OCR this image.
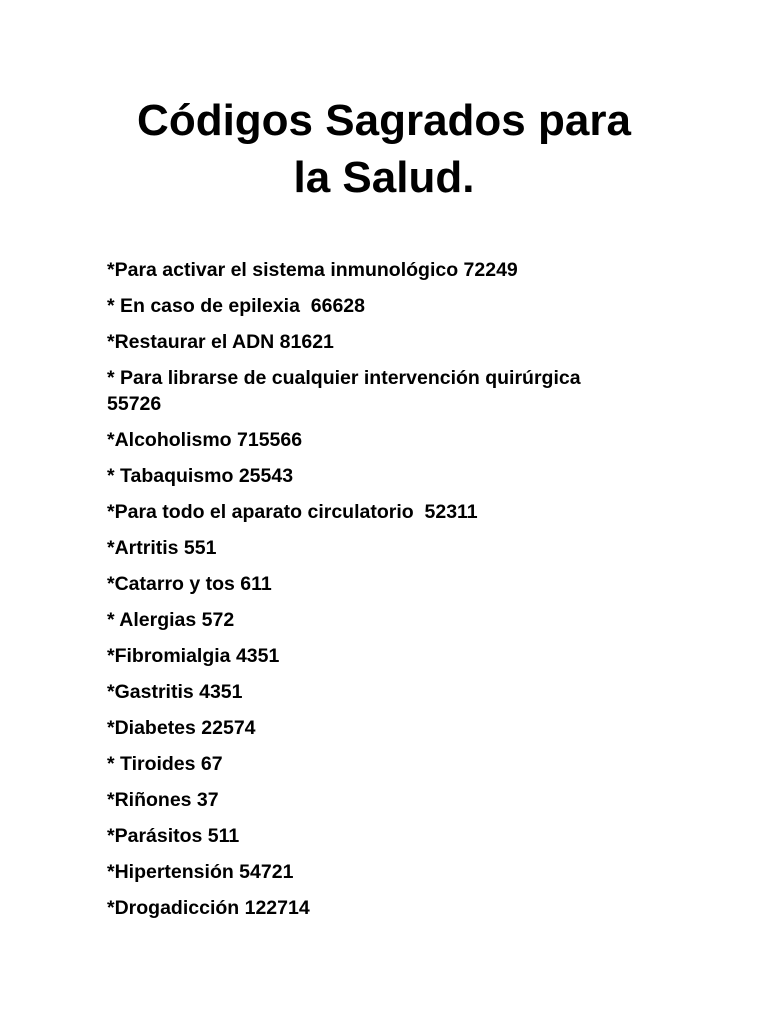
Códigos Sagrados para
la Salud.
*Para activar el sistema inmunológico 72249
* En caso de epilexia  66628
*Restaurar el ADN 81621
* Para librarse de cualquier intervención quirúrgica 55726
*Alcoholismo 715566
* Tabaquismo 25543
*Para todo el aparato circulatorio  52311
*Artritis 551
*Catarro y tos 611
* Alergias 572
*Fibromialgia 4351
*Gastritis 4351
*Diabetes 22574
* Tiroides 67
*Riñones 37
*Parásitos 511
*Hipertensión 54721
*Drogadicción 122714
